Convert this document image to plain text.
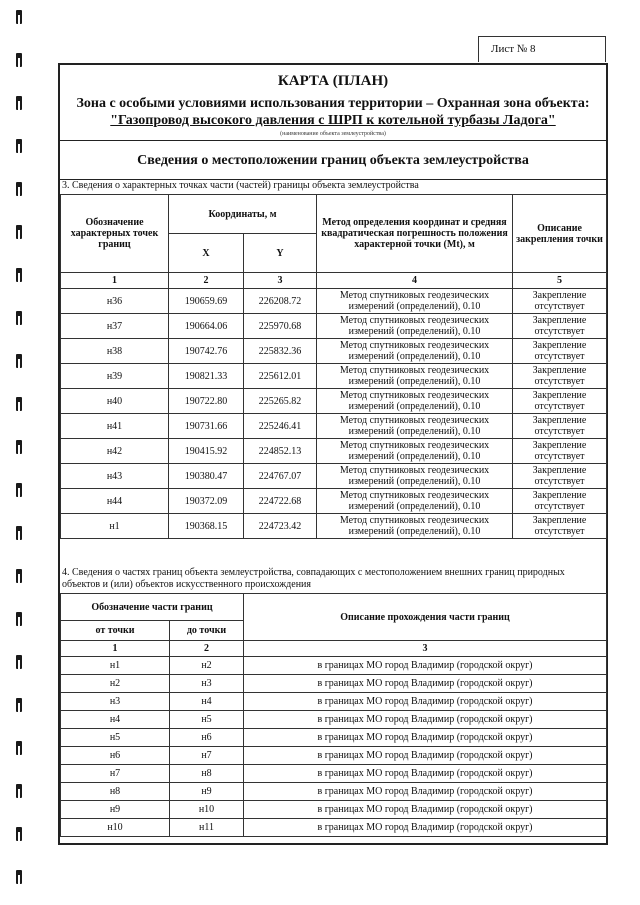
Лист № 8
КАРТА (ПЛАН)
Зона с особыми условиями использования территории – Охранная зона объекта:
"Газопровод высокого давления с ШРП к котельной турбазы Ладога"
(наименование объекта землеустройства)
Сведения о местоположении границ объекта землеустройства
3. Сведения о характерных точках части (частей) границы объекта землеустройства
Обозначение характерных точек границ	Координаты, м		Метод определения координат и средняя квадратическая погрешность положения характерной точки (Mt), м	Описание закрепления точки
	X	Y		
1	2	3	4	5
н36	190659.69	226208.72	Метод спутниковых геодезических измерений (определений), 0.10	Закрепление отсутствует
н37	190664.06	225970.68	Метод спутниковых геодезических измерений (определений), 0.10	Закрепление отсутствует
н38	190742.76	225832.36	Метод спутниковых геодезических измерений (определений), 0.10	Закрепление отсутствует
н39	190821.33	225612.01	Метод спутниковых геодезических измерений (определений), 0.10	Закрепление отсутствует
н40	190722.80	225265.82	Метод спутниковых геодезических измерений (определений), 0.10	Закрепление отсутствует
н41	190731.66	225246.41	Метод спутниковых геодезических измерений (определений), 0.10	Закрепление отсутствует
н42	190415.92	224852.13	Метод спутниковых геодезических измерений (определений), 0.10	Закрепление отсутствует
н43	190380.47	224767.07	Метод спутниковых геодезических измерений (определений), 0.10	Закрепление отсутствует
н44	190372.09	224722.68	Метод спутниковых геодезических измерений (определений), 0.10	Закрепление отсутствует
н1	190368.15	224723.42	Метод спутниковых геодезических измерений (определений), 0.10	Закрепление отсутствует
4. Сведения о частях границ объекта землеустройства, совпадающих с местоположением внешних границ природных объектов и (или) объектов искусственного происхождения
Обозначение части границ		Описание прохождения части границ
от точки	до точки	
1	2	3
н1	н2	в границах МО город Владимир (городской округ)
н2	н3	в границах МО город Владимир (городской округ)
н3	н4	в границах МО город Владимир (городской округ)
н4	н5	в границах МО город Владимир (городской округ)
н5	н6	в границах МО город Владимир (городской округ)
н6	н7	в границах МО город Владимир (городской округ)
н7	н8	в границах МО город Владимир (городской округ)
н8	н9	в границах МО город Владимир (городской округ)
н9	н10	в границах МО город Владимир (городской округ)
н10	н11	в границах МО город Владимир (городской округ)
